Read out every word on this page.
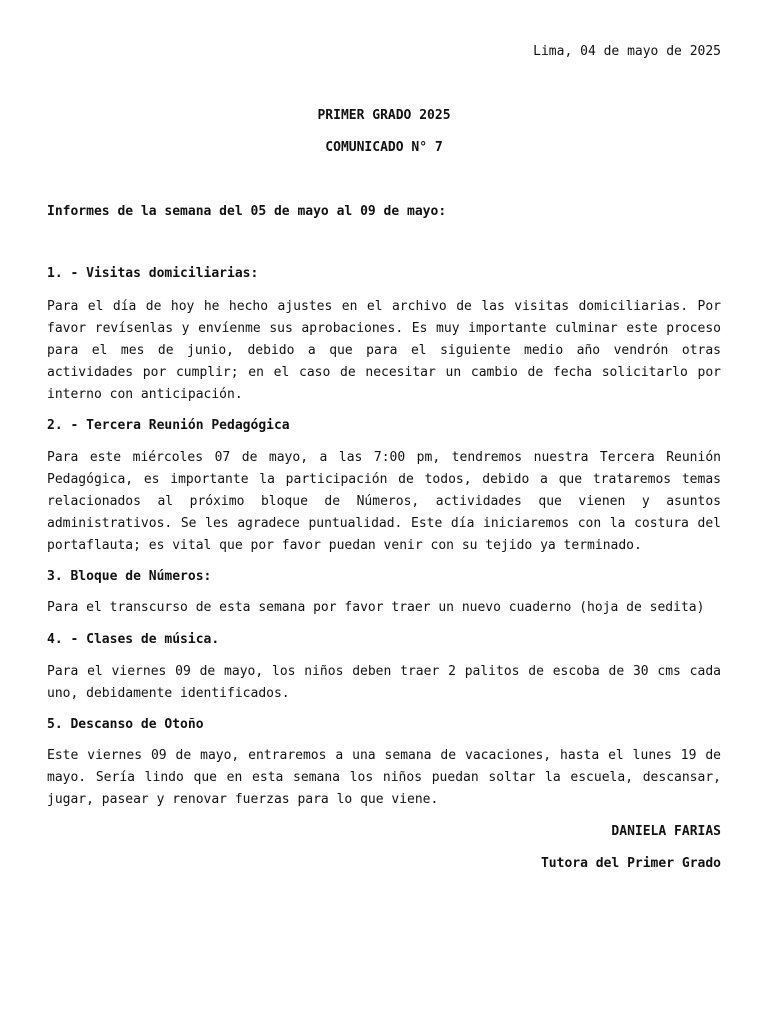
Lima, 04 de mayo de 2025
PRIMER GRADO 2025
COMUNICADO N° 7
Informes de la semana del 05 de mayo al 09 de mayo:
1. - Visitas domiciliarias:
Para el día de hoy he hecho ajustes en el archivo de las visitas domiciliarias. Por favor revísenlas y envíenme sus aprobaciones. Es muy importante culminar este proceso para el mes de junio, debido a que para el siguiente medio año vendrón otras actividades por cumplir; en el caso de necesitar un cambio de fecha solicitarlo por interno con anticipación.
2. - Tercera Reunión Pedagógica
Para este miércoles 07 de mayo, a las 7:00 pm, tendremos nuestra Tercera Reunión Pedagógica, es importante la participación de todos, debido a que trataremos temas relacionados al próximo bloque de Números, actividades que vienen y asuntos administrativos. Se les agradece puntualidad. Este día iniciaremos con la costura del portaflauta; es vital que por favor puedan venir con su tejido ya terminado.
3. Bloque de Números:
Para el transcurso de esta semana por favor traer un nuevo cuaderno (hoja de sedita)
4. - Clases de música.
Para el viernes 09 de mayo, los niños deben traer 2 palitos de escoba de 30 cms cada uno, debidamente identificados.
5. Descanso de Otoño
Este viernes 09 de mayo, entraremos a una semana de vacaciones, hasta el lunes 19 de mayo. Sería lindo que en esta semana los niños puedan soltar la escuela, descansar, jugar, pasear y renovar fuerzas para lo que viene.
DANIELA FARIAS
Tutora del Primer Grado
